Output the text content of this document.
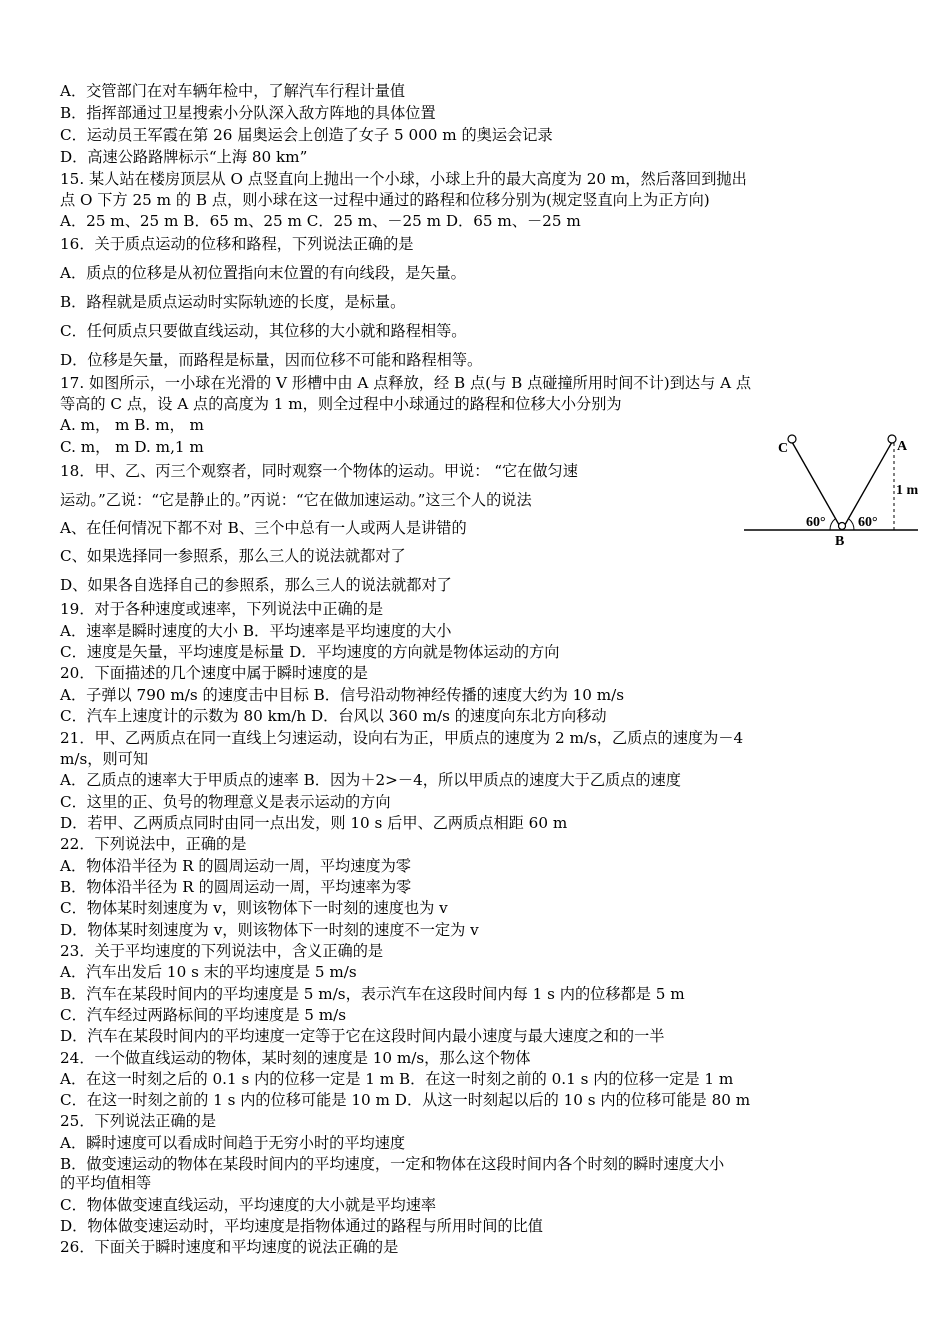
A．交管部门在对车辆年检中，了解汽车行程计量值
B．指挥部通过卫星搜索小分队深入敌方阵地的具体位置
C．运动员王军霞在第 26 届奥运会上创造了女子 5 000 m 的奥运会记录
D．高速公路路牌标示“上海 80 km”
15. 某人站在楼房顶层从 O 点竖直向上抛出一个小球，小球上升的最大高度为 20 m，然后落回到抛出
点 O 下方 25 m 的 B 点，则小球在这一过程中通过的路程和位移分别为(规定竖直向上为正方向)
A．25 m、25 m B．65 m、25 m C．25 m、－25 m D．65 m、－25 m
16．关于质点运动的位移和路程，下列说法正确的是
A．质点的位移是从初位置指向末位置的有向线段，是矢量。
B．路程就是质点运动时实际轨迹的长度，是标量。
C．任何质点只要做直线运动，其位移的大小就和路程相等。
D．位移是矢量，而路程是标量，因而位移不可能和路程相等。
17. 如图所示，一小球在光滑的 V 形槽中由 A 点释放，经 B 点(与 B 点碰撞所用时间不计)到达与 A 点
等高的 C 点，设 A 点的高度为 1 m，则全过程中小球通过的路程和位移大小分别为
A. m， m B. m， m
C. m， m D. m,1 m
18．甲、乙、丙三个观察者，同时观察一个物体的运动。甲说： “它在做匀速
运动。”乙说：“它是静止的。”丙说：“它在做加速运动。”这三个人的说法
A、在任何情况下都不对 B、三个中总有一人或两人是讲错的
C、如果选择同一参照系，那么三人的说法就都对了
D、如果各自选择自己的参照系，那么三人的说法就都对了
19．对于各种速度或速率，下列说法中正确的是
A．速率是瞬时速度的大小 B．平均速率是平均速度的大小
C．速度是矢量，平均速度是标量 D．平均速度的方向就是物体运动的方向
20．下面描述的几个速度中属于瞬时速度的是
A．子弹以 790 m/s 的速度击中目标 B．信号沿动物神经传播的速度大约为 10 m/s
C．汽车上速度计的示数为 80 km/h D．台风以 360 m/s 的速度向东北方向移动
21．甲、乙两质点在同一直线上匀速运动，设向右为正，甲质点的速度为 2 m/s，乙质点的速度为－4
m/s，则可知
A．乙质点的速率大于甲质点的速率 B．因为＋2>－4，所以甲质点的速度大于乙质点的速度
C．这里的正、负号的物理意义是表示运动的方向
D．若甲、乙两质点同时由同一点出发，则 10 s 后甲、乙两质点相距 60 m
22．下列说法中，正确的是
A．物体沿半径为 R 的圆周运动一周，平均速度为零
B．物体沿半径为 R 的圆周运动一周，平均速率为零
C．物体某时刻速度为 v，则该物体下一时刻的速度也为 v
D．物体某时刻速度为 v，则该物体下一时刻的速度不一定为 v
23．关于平均速度的下列说法中，含义正确的是
A．汽车出发后 10 s 末的平均速度是 5 m/s
B．汽车在某段时间内的平均速度是 5 m/s，表示汽车在这段时间内每 1 s 内的位移都是 5 m
C．汽车经过两路标间的平均速度是 5 m/s
D．汽车在某段时间内的平均速度一定等于它在这段时间内最小速度与最大速度之和的一半
24．一个做直线运动的物体，某时刻的速度是 10 m/s，那么这个物体
A．在这一时刻之后的 0.1 s 内的位移一定是 1 m B．在这一时刻之前的 0.1 s 内的位移一定是 1 m
C．在这一时刻之前的 1 s 内的位移可能是 10 m D．从这一时刻起以后的 10 s 内的位移可能是 80 m
25．下列说法正确的是
A．瞬时速度可以看成时间趋于无穷小时的平均速度
B．做变速运动的物体在某段时间内的平均速度，一定和物体在这段时间内各个时刻的瞬时速度大小
的平均值相等
C．物体做变速直线运动，平均速度的大小就是平均速率
D．物体做变速运动时，平均速度是指物体通过的路程与所用时间的比值
26．下面关于瞬时速度和平均速度的说法正确的是
C	A
B
1 m
60° 60°
